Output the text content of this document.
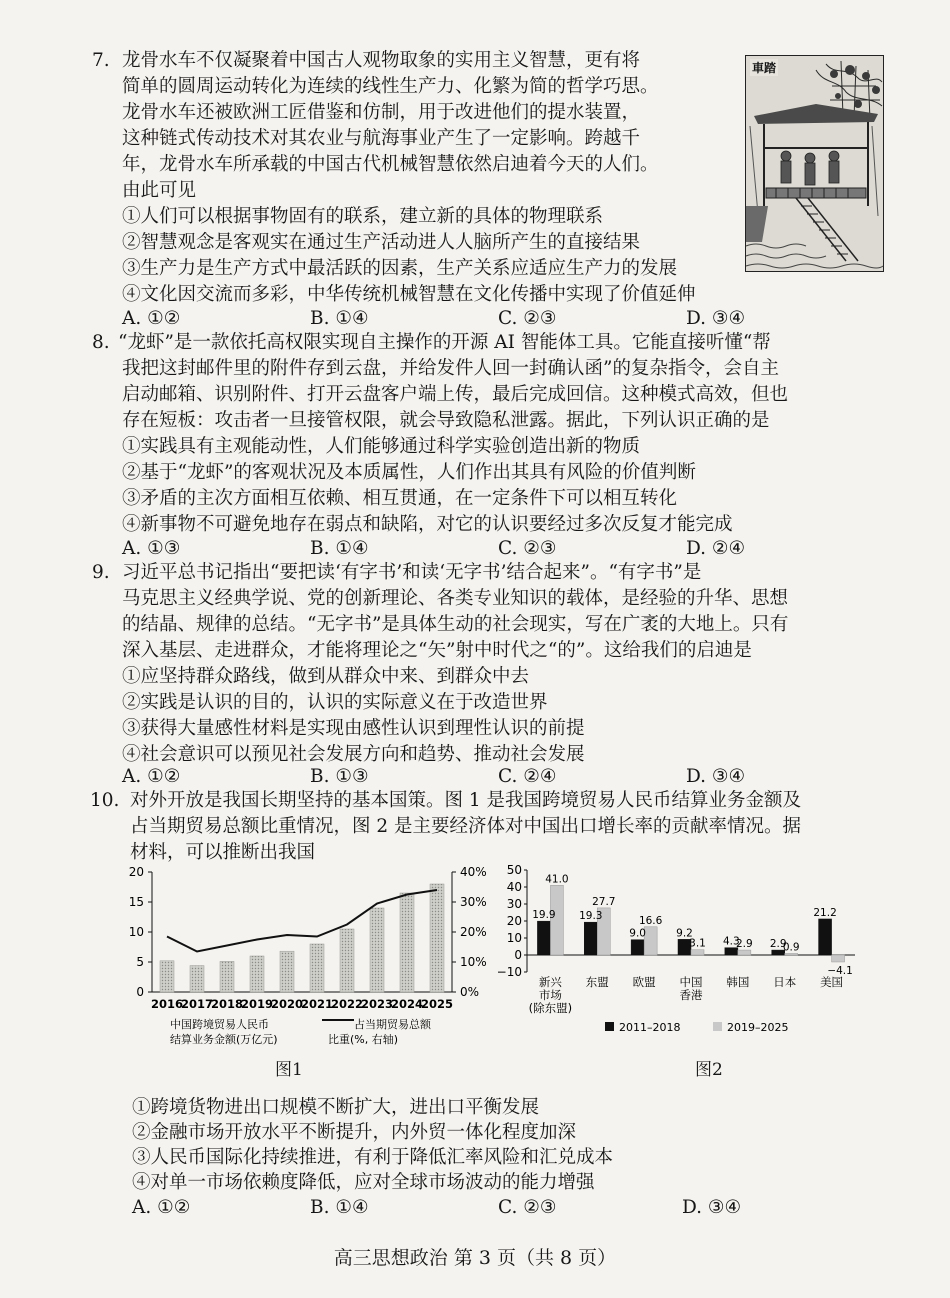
7. 龙骨水车不仅凝聚着中国古人观物取象的实用主义智慧，更有将
简单的圆周运动转化为连续的线性生产力、化繁为简的哲学巧思。
龙骨水车还被欧洲工匠借鉴和仿制，用于改进他们的提水装置，
这种链式传动技术对其农业与航海事业产生了一定影响。跨越千
年，龙骨水车所承载的中国古代机械智慧依然启迪着今天的人们。
由此可见
①人们可以根据事物固有的联系，建立新的具体的物理联系
②智慧观念是客观实在通过生产活动进人人脑所产生的直接结果
③生产力是生产方式中最活跃的因素，生产关系应适应生产力的发展
④文化因交流而多彩，中华传统机械智慧在文化传播中实现了价值延伸
A. ①②	B. ①④	C. ②③	D. ③④
車踏
8. “龙虾”是一款依托高权限实现自主操作的开源 AI 智能体工具。它能直接听懂“帮
我把这封邮件里的附件存到云盘，并给发件人回一封确认函”的复杂指令，会自主
启动邮箱、识别附件、打开云盘客户端上传，最后完成回信。这种模式高效，但也
存在短板：攻击者一旦接管权限，就会导致隐私泄露。据此，下列认识正确的是
①实践具有主观能动性，人们能够通过科学实验创造出新的物质
②基于“龙虾”的客观状况及本质属性，人们作出其具有风险的价值判断
③矛盾的主次方面相互依赖、相互贯通，在一定条件下可以相互转化
④新事物不可避免地存在弱点和缺陷，对它的认识要经过多次反复才能完成
A. ①③	B. ①④	C. ②③	D. ②④
9. 习近平总书记指出“要把读‘有字书’和读‘无字书’结合起来”。“有字书”是
马克思主义经典学说、党的创新理论、各类专业知识的载体，是经验的升华、思想
的结晶、规律的总结。“无字书”是具体生动的社会现实，写在广袤的大地上。只有
深入基层、走进群众，才能将理论之“矢”射中时代之“的”。这给我们的启迪是
①应坚持群众路线，做到从群众中来、到群众中去
②实践是认识的目的，认识的实际意义在于改造世界
③获得大量感性材料是实现由感性认识到理性认识的前提
④社会意识可以预见社会发展方向和趋势、推动社会发展
A. ①②	B. ①③	C. ②④	D. ③④
10. 对外开放是我国长期坚持的基本国策。图 1 是我国跨境贸易人民币结算业务金额及
占当期贸易总额比重情况，图 2 是主要经济体对中国出口增长率的贡献率情况。据
材料，可以推断出我国
0
5
10
15
20
0%
10%
20%
30%
40%
2016
2017
2018
2019
2020
2021
2022
2023
2024
2025
中国跨境贸易人民币
结算业务金额(万亿元)
占当期贸易总额
比重(%, 右轴)
图1
50
40
30
20
10
0
−10
19.9
41.0
19.3
27.7
9.0
16.6
9.2
3.1 4.3
2.9 2.9
0.9
21.2
−4.1
新兴
市场
(除东盟)
东盟 欧盟 中国
香港
韩国 日本 美国
2011–2018	2019–2025
图2
①跨境货物进出口规模不断扩大，进出口平衡发展
②金融市场开放水平不断提升，内外贸一体化程度加深
③人民币国际化持续推进，有利于降低汇率风险和汇兑成本
④对单一市场依赖度降低，应对全球市场波动的能力增强
A. ①②	B. ①④	C. ②③	D. ③④
高三思想政治 第 3 页（共 8 页）
